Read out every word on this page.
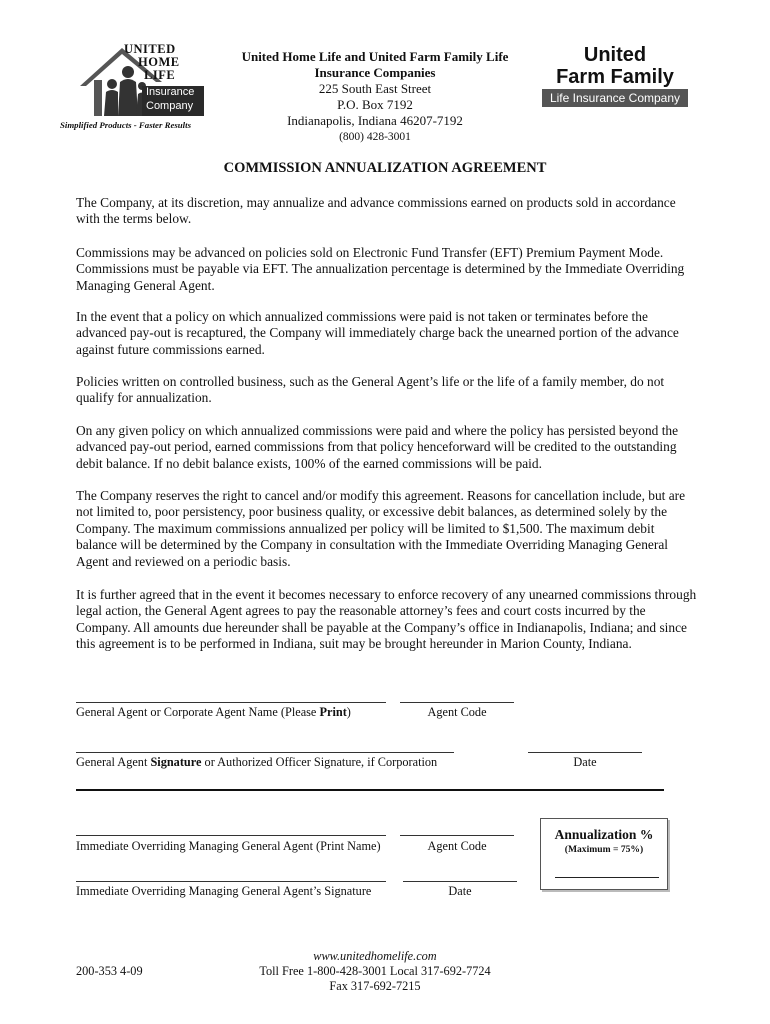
UNITED
HOME
LIFE
Insurance
Company
Simplified Products - Faster Results
United Home Life and United Farm Family Life
Insurance Companies
225 South East Street
P.O. Box 7192
Indianapolis, Indiana 46207-7192
(800) 428-3001
United
Farm Family
Life Insurance Company
COMMISSION ANNUALIZATION AGREEMENT
The Company, at its discretion, may annualize and advance commissions earned on products sold in accordance with the terms below.
Commissions may be advanced on policies sold on Electronic Fund Transfer (EFT) Premium Payment Mode. Commissions must be payable via EFT. The annualization percentage is determined by the Immediate Overriding Managing General Agent.
In the event that a policy on which annualized commissions were paid is not taken or terminates before the advanced pay-out is recaptured, the Company will immediately charge back the unearned portion of the advance against future commissions earned.
Policies written on controlled business, such as the General Agent’s life or the life of a family member, do not qualify for annualization.
On any given policy on which annualized commissions were paid and where the policy has persisted beyond the advanced pay-out period, earned commissions from that policy henceforward will be credited to the outstanding debit balance. If no debit balance exists, 100% of the earned commissions will be paid.
The Company reserves the right to cancel and/or modify this agreement. Reasons for cancellation include, but are not limited to, poor persistency, poor business quality, or excessive debit balances, as determined solely by the Company. The maximum commissions annualized per policy will be limited to $1,500. The maximum debit balance will be determined by the Company in consultation with the Immediate Overriding Managing General Agent and reviewed on a periodic basis.
It is further agreed that in the event it becomes necessary to enforce recovery of any unearned commissions through legal action, the General Agent agrees to pay the reasonable attorney’s fees and court costs incurred by the Company. All amounts due hereunder shall be payable at the Company’s office in Indianapolis, Indiana; and since this agreement is to be performed in Indiana, suit may be brought hereunder in Marion County, Indiana.
General Agent or Corporate Agent Name (Please Print)	Agent Code
General Agent Signature or Authorized Officer Signature, if Corporation	Date
Immediate Overriding Managing General Agent (Print Name)	Agent Code
Immediate Overriding Managing General Agent’s Signature	Date
Annualization %
(Maximum = 75%)
200-353 4-09
www.unitedhomelife.com
Toll Free 1-800-428-3001 Local 317-692-7724
Fax 317-692-7215
